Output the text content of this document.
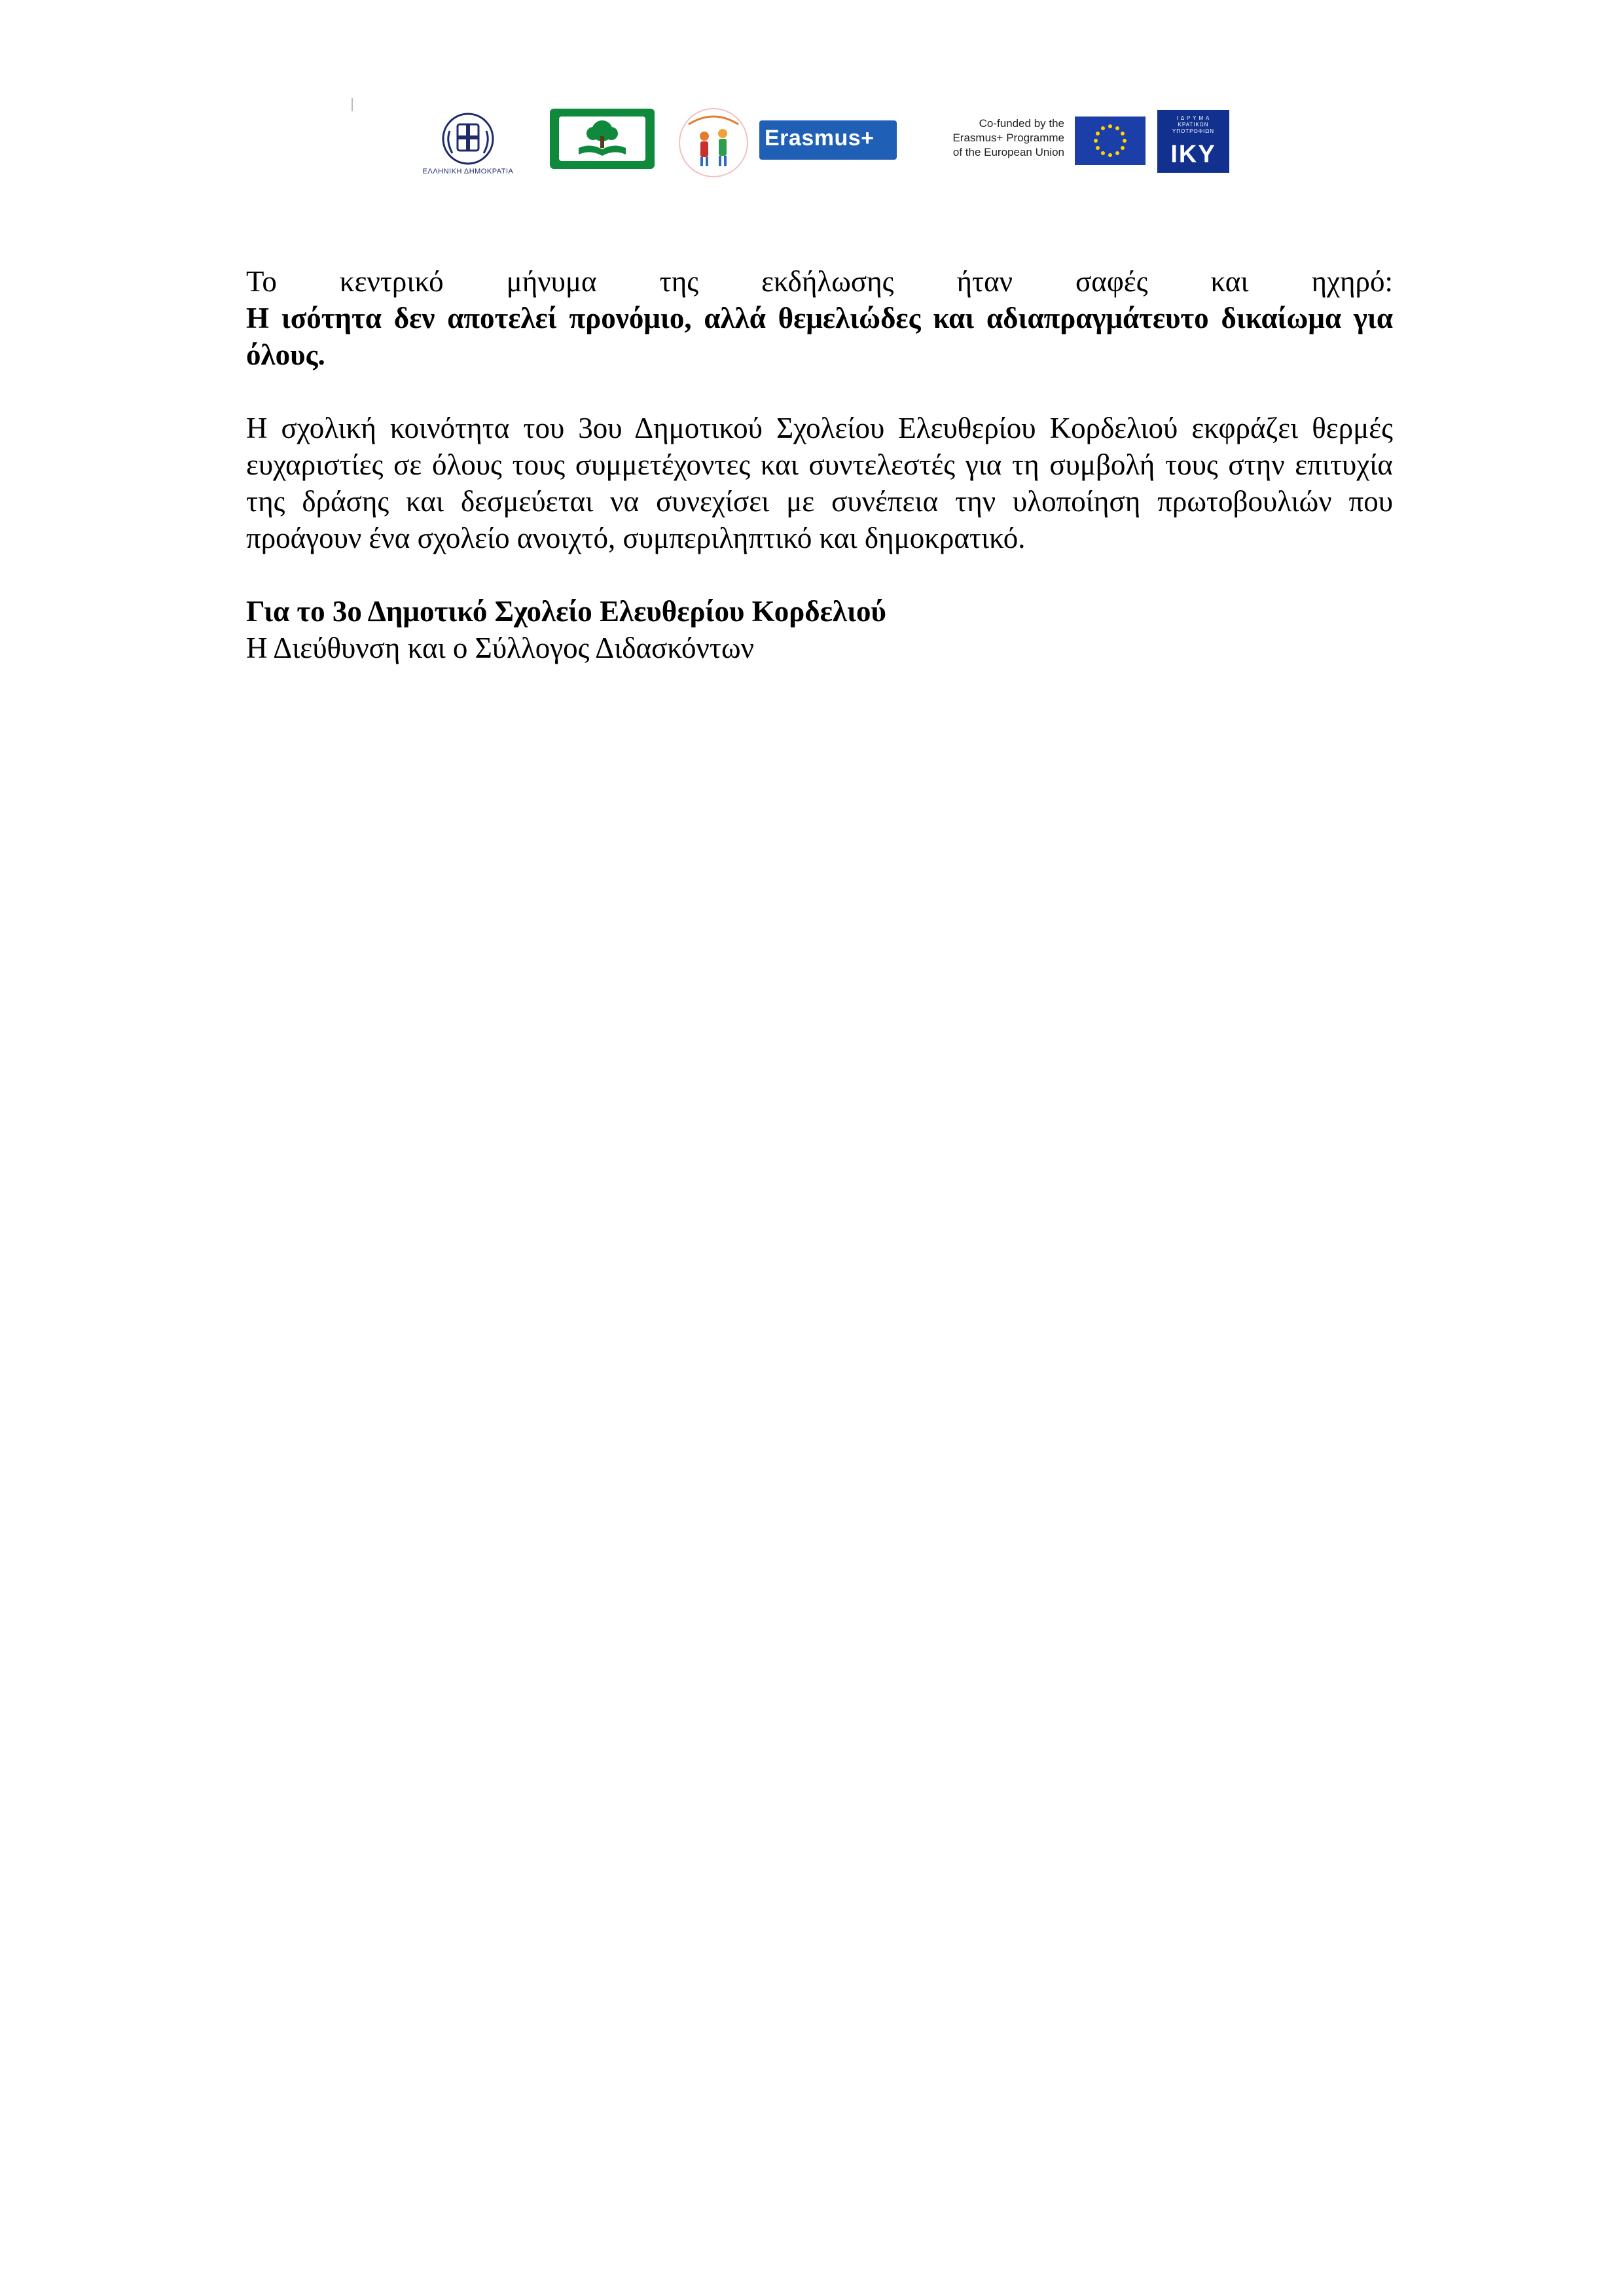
ΕΛΛΗΝΙΚΗ ΔΗΜΟΚΡΑΤΙΑ
Erasmus+
Co-funded by the
Erasmus+ Programme
of the European Union
Ι Δ Ρ Υ Μ Α
ΚΡΑΤΙΚΩΝ
ΥΠΟΤΡΟΦΙΩΝ
IKY

Το κεντρικό μήνυμα της εκδήλωσης ήταν σαφές και ηχηρό:
Η ισότητα δεν αποτελεί προνόμιο, αλλά θεμελιώδες και αδιαπραγμάτευτο δικαίωμα για όλους.

Η σχολική κοινότητα του 3ου Δημοτικού Σχολείου Ελευθερίου Κορδελιού εκφράζει θερμές ευχαριστίες σε όλους τους συμμετέχοντες και συντελεστές για τη συμβολή τους στην επιτυχία της δράσης και δεσμεύεται να συνεχίσει με συνέπεια την υλοποίηση πρωτοβουλιών που προάγουν ένα σχολείο ανοιχτό, συμπεριληπτικό και δημοκρατικό.

Για το 3ο Δημοτικό Σχολείο Ελευθερίου Κορδελιού
Η Διεύθυνση και ο Σύλλογος Διδασκόντων
